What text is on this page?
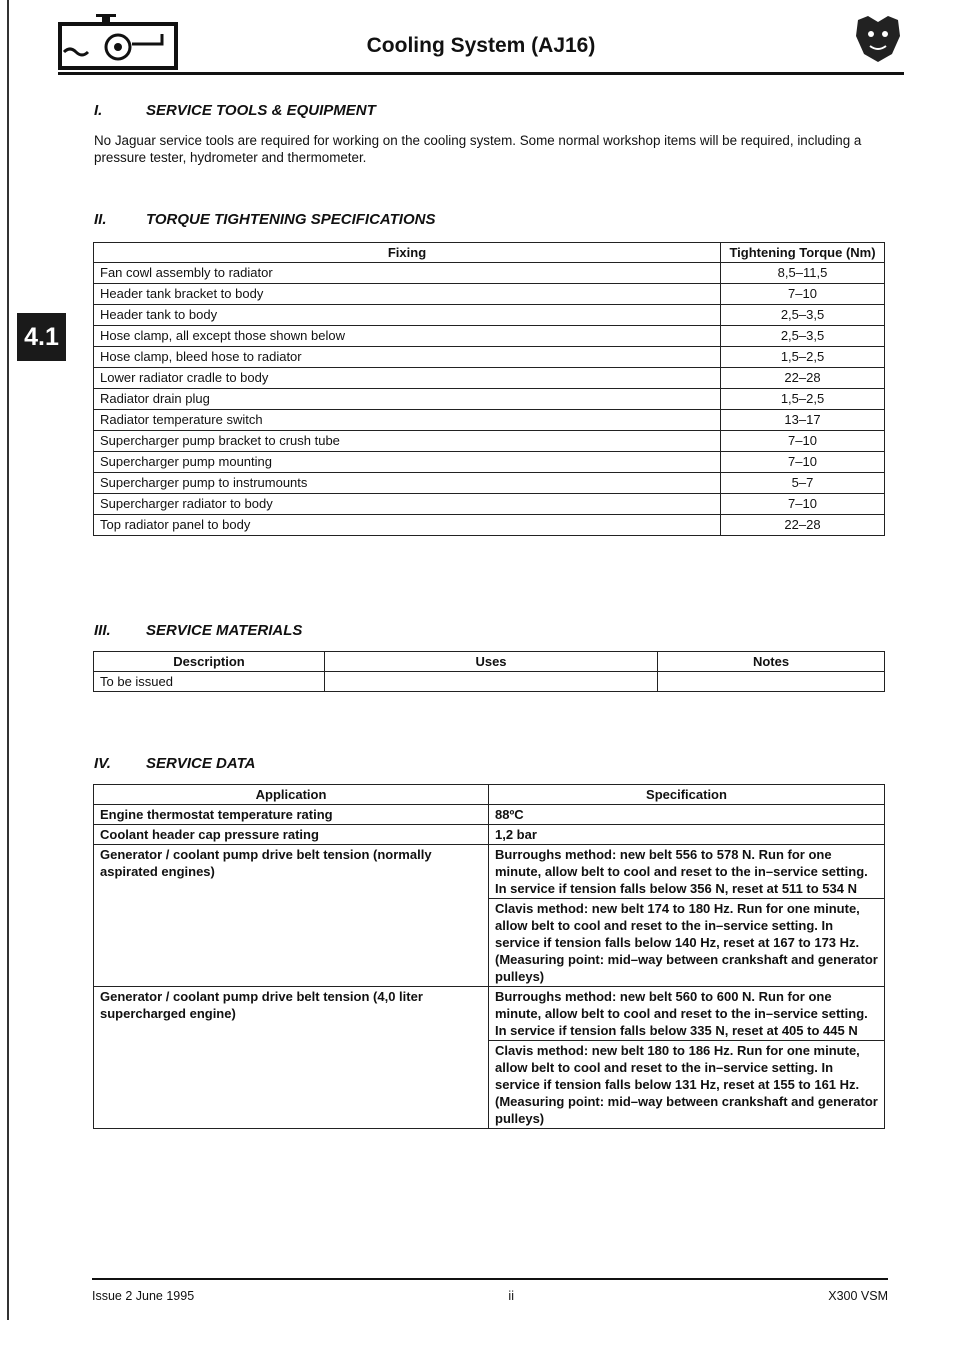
Cooling System (AJ16)
4.1
I.	SERVICE TOOLS & EQUIPMENT
No Jaguar service tools are required for working on the cooling system. Some normal workshop items will be required, including a pressure tester, hydrometer and thermometer.
II.	TORQUE TIGHTENING SPECIFICATIONS
Fixing	Tightening Torque (Nm)
Fan cowl assembly to radiator	8,5–11,5
Header tank bracket to body	7–10
Header tank to body	2,5–3,5
Hose clamp, all except those shown below	2,5–3,5
Hose clamp, bleed hose to radiator	1,5–2,5
Lower radiator cradle to body	22–28
Radiator drain plug	1,5–2,5
Radiator temperature switch	13–17
Supercharger pump bracket to crush tube	7–10
Supercharger pump mounting	7–10
Supercharger pump to instrumounts	5–7
Supercharger radiator to body	7–10
Top radiator panel to body	22–28
III. SERVICE MATERIALS
Description	Uses	Notes
To be issued		
IV. SERVICE DATA
Application	Specification
Engine thermostat temperature rating	88ºC
Coolant header cap pressure rating	1,2 bar
Generator / coolant pump drive belt tension (normally aspirated engines)	Burroughs method: new belt 556 to 578 N. Run for one minute, allow belt to cool and reset to the in–service setting. In service if tension falls below 356 N, reset at 511 to 534 N
	Clavis method: new belt 174 to 180 Hz. Run for one minute, allow belt to cool and reset to the in–service setting. In service if tension falls below 140 Hz, reset at 167 to 173 Hz. (Measuring point: mid–way between crankshaft and generator pulleys)
Generator / coolant pump drive belt tension (4,0 liter supercharged engine)	Burroughs method: new belt 560 to 600 N. Run for one minute, allow belt to cool and reset to the in–service setting. In service if tension falls below 335 N, reset at 405 to 445 N
	Clavis method: new belt 180 to 186 Hz. Run for one minute, allow belt to cool and reset to the in–service setting. In service if tension falls below 131 Hz, reset at 155 to 161 Hz. (Measuring point: mid–way between crankshaft and generator pulleys)
Issue 2 June 1995	ii	X300 VSM
